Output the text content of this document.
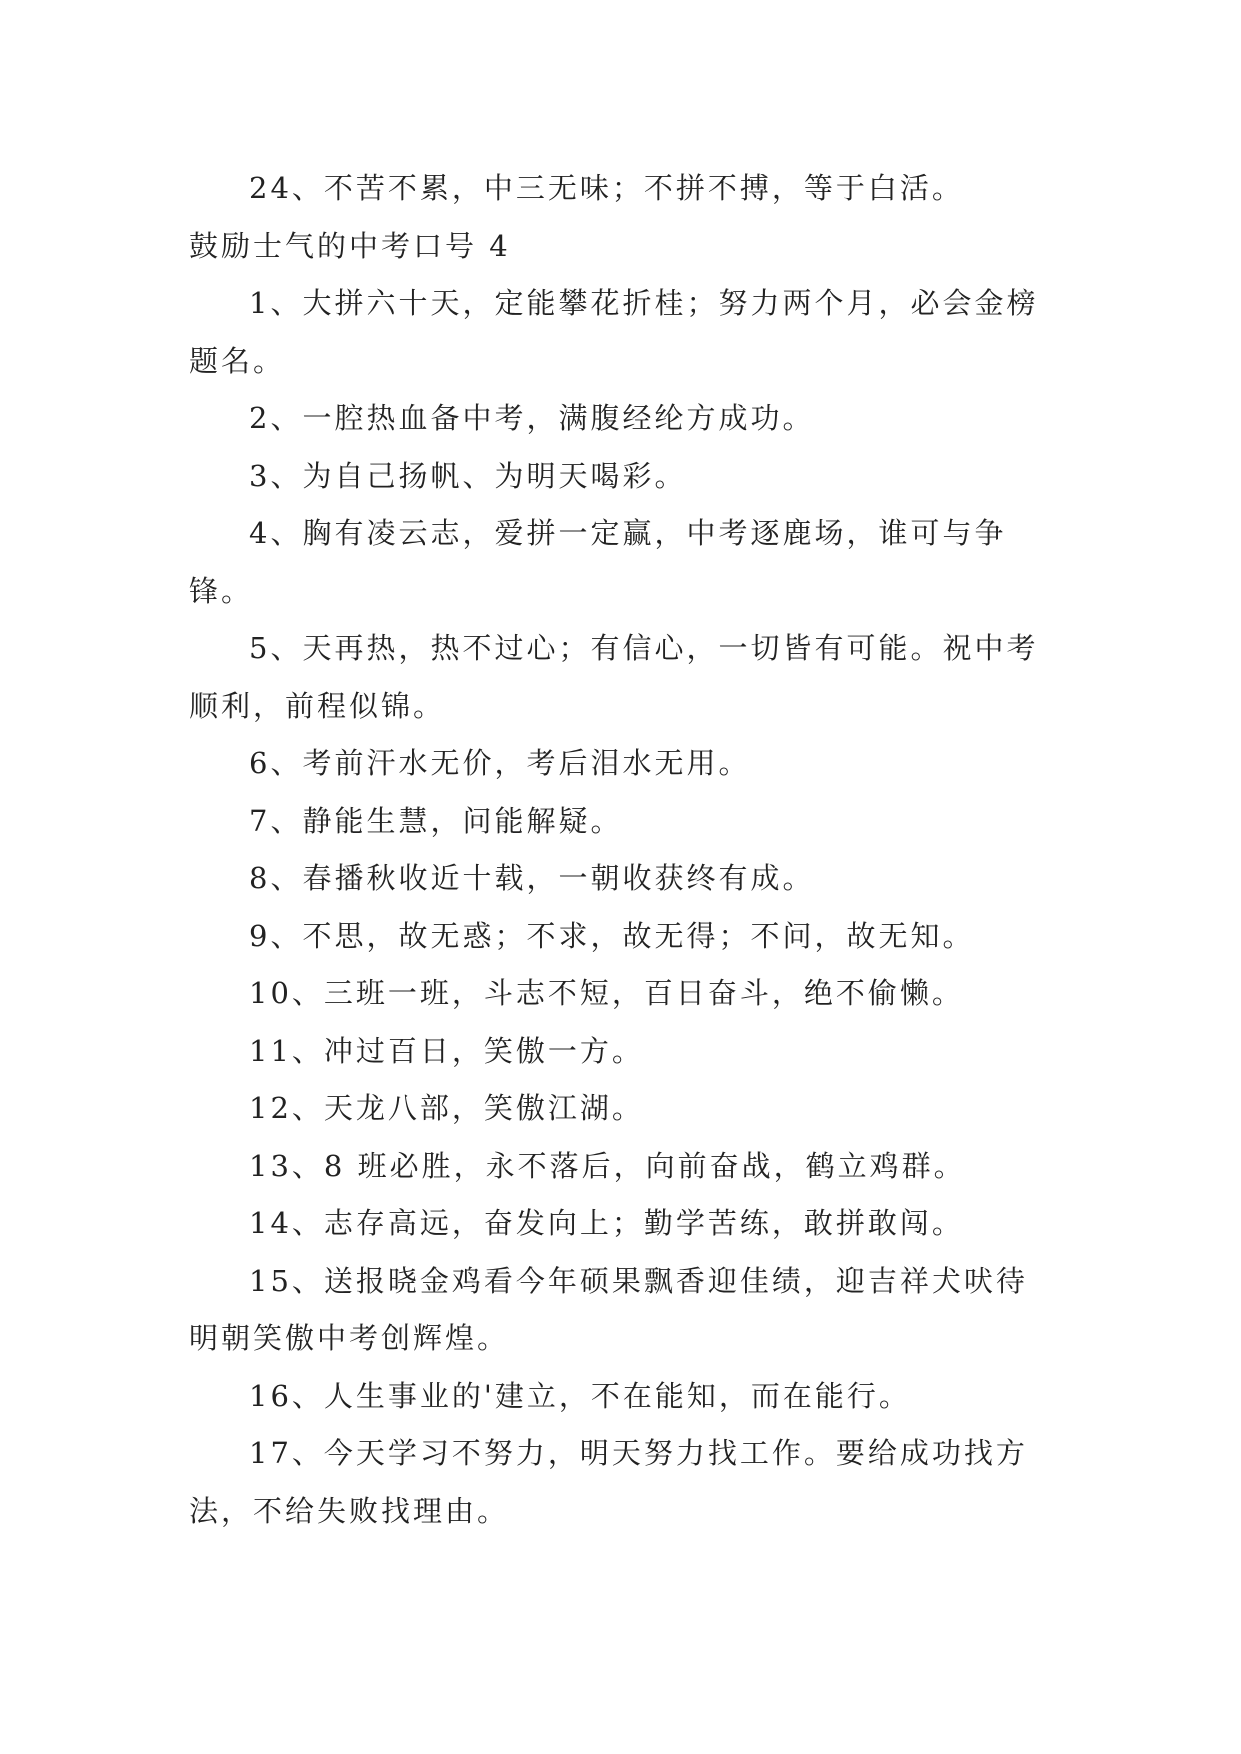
24、不苦不累，中三无味；不拼不搏，等于白活。

鼓励士气的中考口号 4

1、大拼六十天，定能攀花折桂；努力两个月，必会金榜题名。

2、一腔热血备中考，满腹经纶方成功。

3、为自己扬帆、为明天喝彩。

4、胸有凌云志，爱拼一定赢，中考逐鹿场，谁可与争锋。

5、天再热，热不过心；有信心，一切皆有可能。祝中考顺利，前程似锦。

6、考前汗水无价，考后泪水无用。

7、静能生慧，问能解疑。

8、春播秋收近十载，一朝收获终有成。

9、不思，故无惑；不求，故无得；不问，故无知。

10、三班一班，斗志不短，百日奋斗，绝不偷懒。

11、冲过百日，笑傲一方。

12、天龙八部，笑傲江湖。

13、8 班必胜，永不落后，向前奋战，鹤立鸡群。

14、志存高远，奋发向上；勤学苦练，敢拼敢闯。

15、送报晓金鸡看今年硕果飘香迎佳绩，迎吉祥犬吠待明朝笑傲中考创辉煌。

16、人生事业的'建立，不在能知，而在能行。

17、今天学习不努力，明天努力找工作。要给成功找方法，不给失败找理由。
